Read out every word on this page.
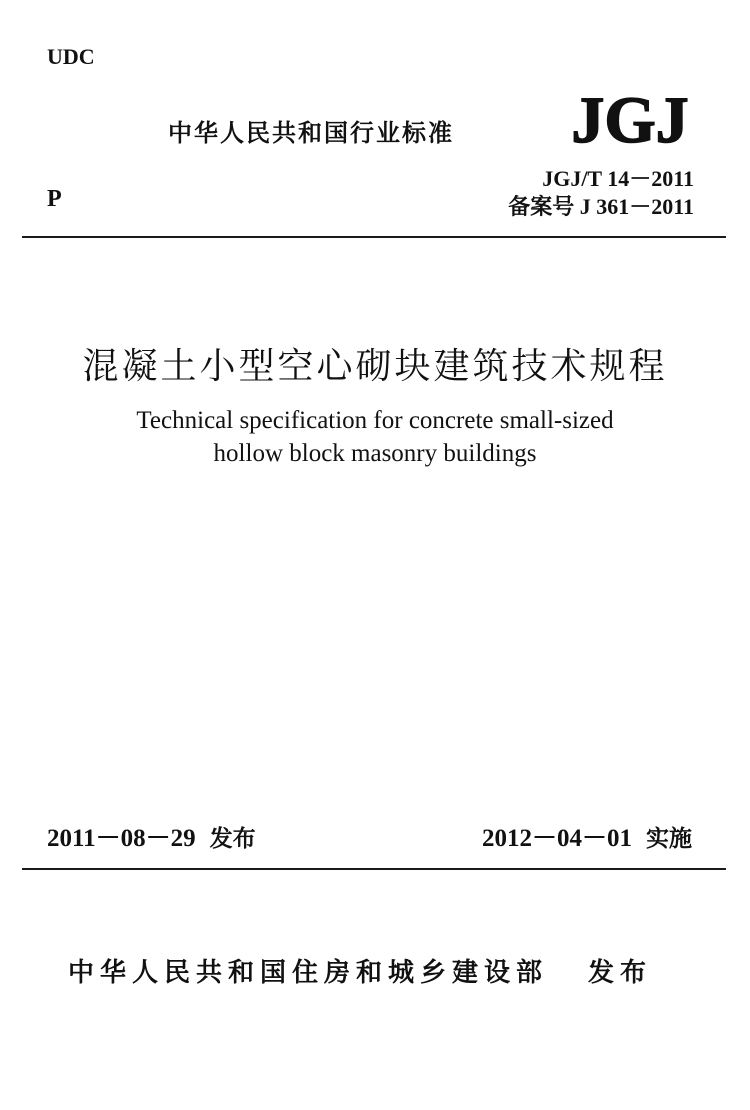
UDC
中华人民共和国行业标准 JGJ
JGJ/T 14－2011
备案号 J 361－2011
P
混凝土小型空心砌块建筑技术规程
Technical specification for concrete small-sized
hollow block masonry buildings
2011－08－29 发布	2012－04－01 实施
中华人民共和国住房和城乡建设部 发布
